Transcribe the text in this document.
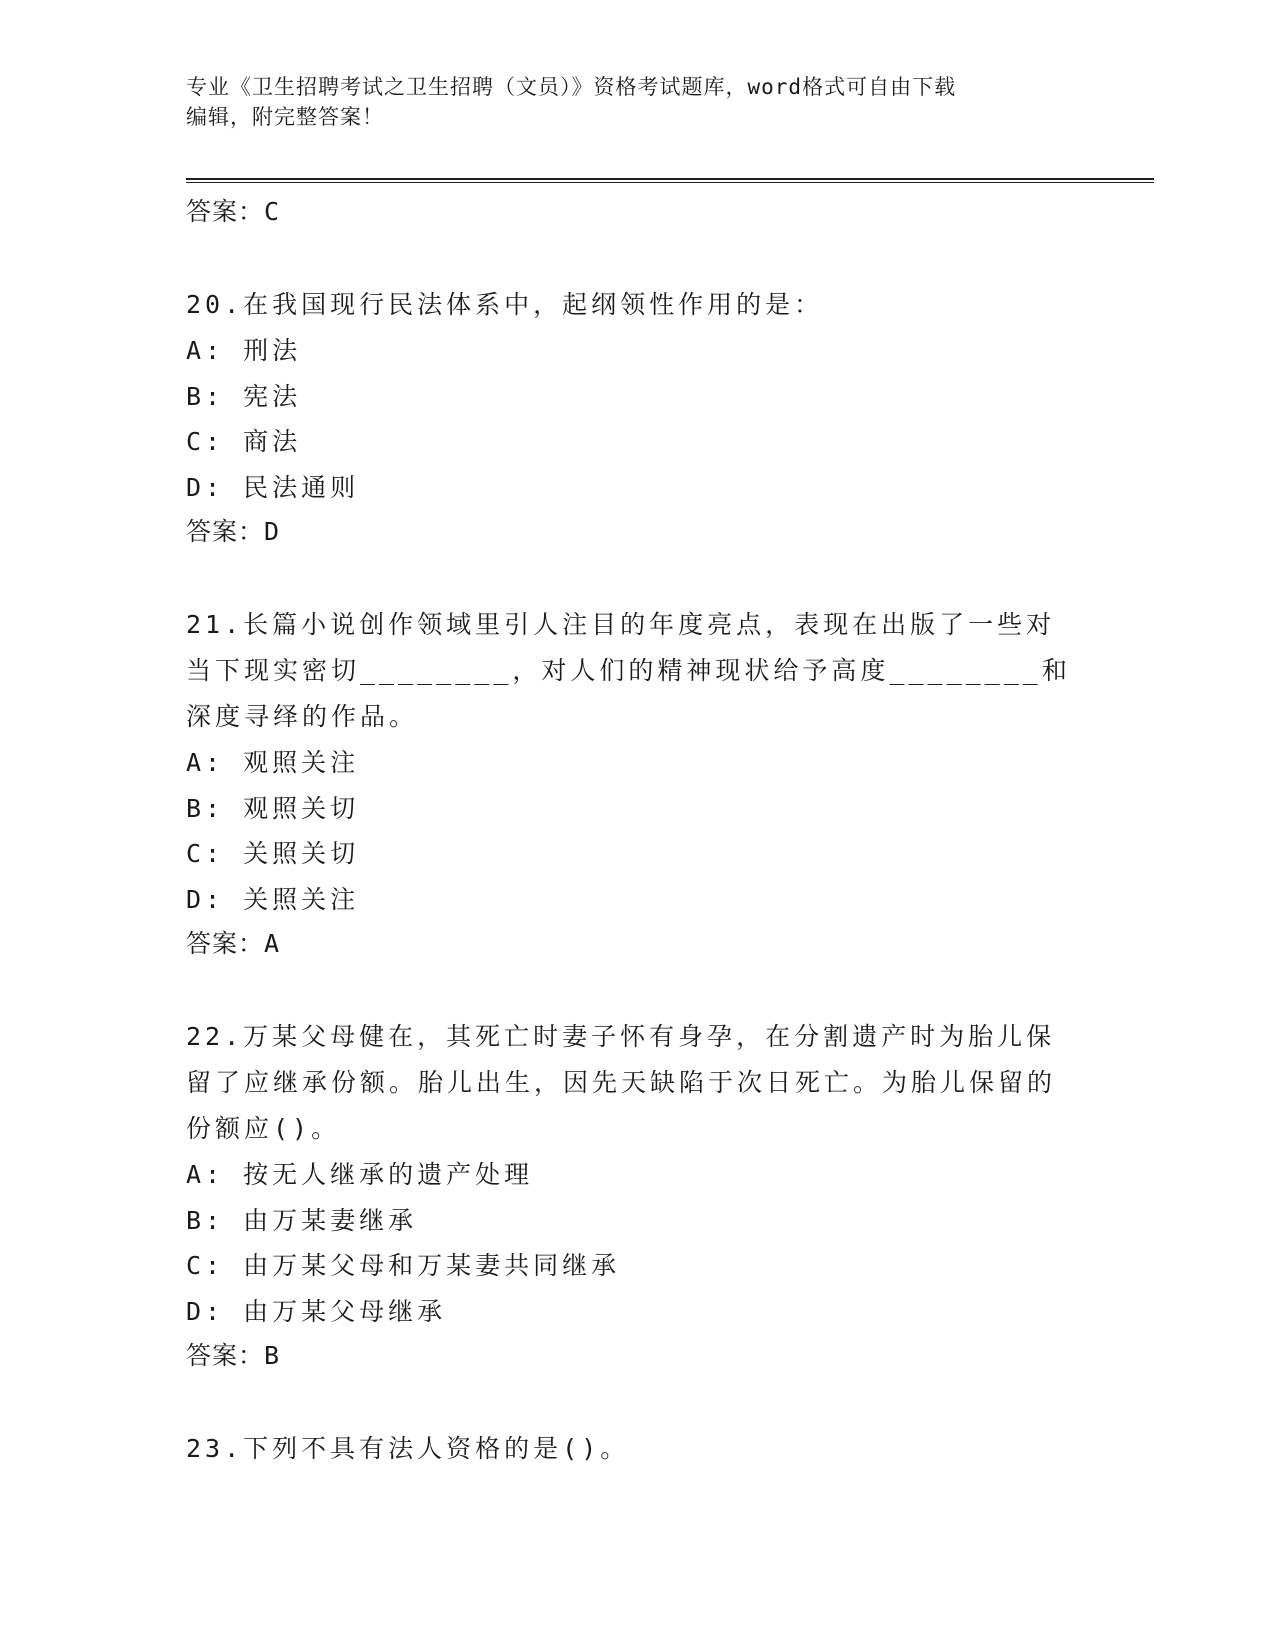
专业《卫生招聘考试之卫生招聘（文员）》资格考试题库，word格式可自由下载
编辑，附完整答案！
答案：C
20.在我国现行民法体系中，起纲领性作用的是：
A: 刑法
B: 宪法
C: 商法
D: 民法通则
答案：D
21.长篇小说创作领域里引人注目的年度亮点，表现在出版了一些对当下现实密切________，对人们的精神现状给予高度________和深度寻绎的作品。
A: 观照关注
B: 观照关切
C: 关照关切
D: 关照关注
答案：A
22.万某父母健在，其死亡时妻子怀有身孕，在分割遗产时为胎儿保留了应继承份额。胎儿出生，因先天缺陷于次日死亡。为胎儿保留的份额应()。
A: 按无人继承的遗产处理
B: 由万某妻继承
C: 由万某父母和万某妻共同继承
D: 由万某父母继承
答案：B
23.下列不具有法人资格的是()。
